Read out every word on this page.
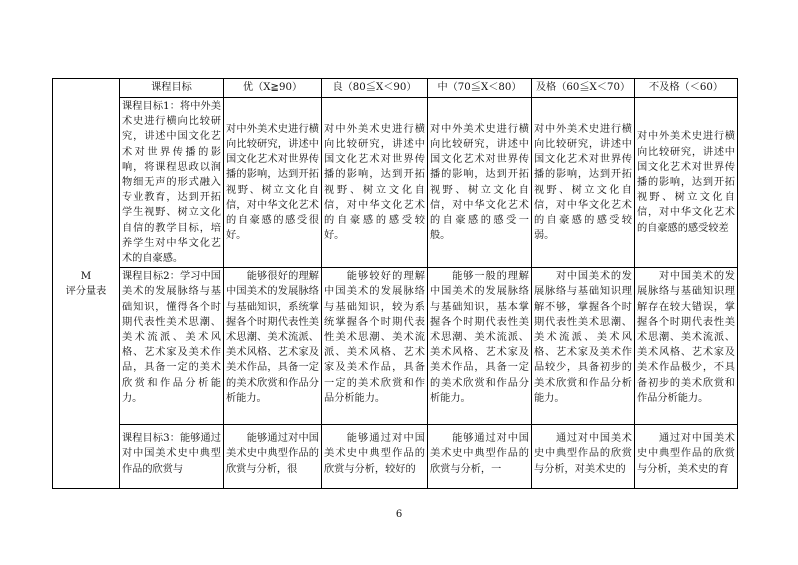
M
评分量表	课程目标	优（X≧90）	良（80≦X＜90）	中（70≦X＜80）	及格（60≦X＜70）	不及格（＜60）
	课程目标1：将中外美术史进行横向比较研究，讲述中国文化艺术对世界传播的影响，将课程思政以润物细无声的形式融入专业教育，达到开拓学生视野、树立文化自信的教学目标，培养学生对中华文化艺术的自豪感。	对中外美术史进行横向比较研究，讲述中国文化艺术对世界传播的影响，达到开拓视野、树立文化自信，对中华文化艺术的自豪感的感受很好。	对中外美术史进行横向比较研究，讲述中国文化艺术对世界传播的影响，达到开拓视野、树立文化自信，对中华文化艺术的自豪感的感受较好。	对中外美术史进行横向比较研究，讲述中国文化艺术对世界传播的影响，达到开拓视野、树立文化自信，对中华文化艺术的自豪感的感受一般。	对中外美术史进行横向比较研究，讲述中国文化艺术对世界传播的影响，达到开拓视野、树立文化自信，对中华文化艺术的自豪感的感受较弱。	对中外美术史进行横向比较研究，讲述中国文化艺术对世界传播的影响，达到开拓视野、树立文化自信，对中华文化艺术的自豪感的感受较差
	课程目标2：学习中国美术的发展脉络与基础知识，懂得各个时期代表性美术思潮、美术流派、美术风格、艺术家及美术作品，具备一定的美术欣赏和作品分析能力。	　　能够很好的理解中国美术的发展脉络与基础知识，系统掌握各个时期代表性美术思潮、美术流派、美术风格、艺术家及美术作品，具备一定的美术欣赏和作品分析能力。	　　能够较好的理解中国美术的发展脉络与基础知识，较为系统掌握各个时期代表性美术思潮、美术流派、美术风格、艺术家及美术作品，具备一定的美术欣赏和作品分析能力。	　　能够一般的理解中国美术的发展脉络与基础知识，基本掌握各个时期代表性美术思潮、美术流派、美术风格、艺术家及美术作品，具备一定的美术欣赏和作品分析能力。	　　对中国美术的发展脉络与基础知识理解不够，掌握各个时期代表性美术思潮、美术流派、美术风格、艺术家及美术作品较少，具备初步的美术欣赏和作品分析能力。	　　对中国美术的发展脉络与基础知识理解存在较大错误，掌握各个时期代表性美术思潮、美术流派、美术风格、艺术家及美术作品极少，不具备初步的美术欣赏和作品分析能力。
	课程目标3：能够通过对中国美术史中典型作品的欣赏与	　　能够通过对中国美术史中典型作品的欣赏与分析，很	　　能够通过对中国美术史中典型作品的欣赏与分析，较好的	　　能够通过对中国美术史中典型作品的欣赏与分析，一	　　通过对中国美术史中典型作品的欣赏与分析，对美术史的	　　通过对中国美术史中典型作品的欣赏与分析，美术史的育
6
